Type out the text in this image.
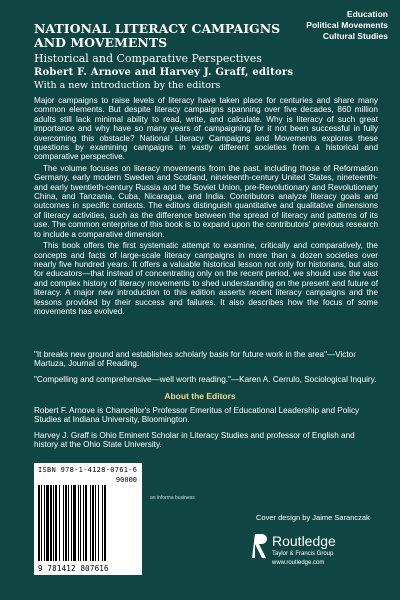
Education
Political Movements
Cultural Studies
NATIONAL LITERACY CAMPAIGNS AND MOVEMENTS
Historical and Comparative Perspectives
Robert F. Arnove and Harvey J. Graff, editors
With a new introduction by the editors

Major campaigns to raise levels of literacy have taken place for centuries and share many common elements. But despite literacy campaigns spanning over five decades, 860 million adults still lack minimal ability to read, write, and calculate. Why is literacy of such great importance and why have so many years of campaigning for it not been successful in fully overcoming this obstacle? National Literacy Campaigns and Movements explores these questions by examining campaigns in vastly different societies from a historical and comparative perspective.

The volume focuses on literacy movements from the past, including those of Reformation Germany, early modern Sweden and Scotland, nineteenth-century United States, nineteenth- and early twentieth-century Russia and the Soviet Union, pre-Revolutionary and Revolutionary China, and Tanzania, Cuba, Nicaragua, and India. Contributors analyze literacy goals and outcomes in specific contexts. The editors distinguish quantitative and qualitative dimensions of literacy activities, such as the difference between the spread of literacy and patterns of its use. The common enterprise of this book is to expand upon the contributors' previous research to include a comparative dimension.

This book offers the first systematic attempt to examine, critically and comparatively, the concepts and facts of large-scale literacy campaigns in more than a dozen societies over nearly five hundred years. It offers a valuable historical lesson not only for historians, but also for educators—that instead of concentrating only on the recent period, we should use the vast and complex history of literacy movements to shed understanding on the present and future of literacy. A major new introduction to this edition asserts recent literacy campaigns and the lessons provided by their success and failures. It also describes how the focus of some movements has evolved.

"It breaks new ground and establishes scholarly basis for future work in the area"—Victor Martuza, Journal of Reading.

"Compelling and comprehensive—well worth reading."—Karen A. Cerrulo, Sociological Inquiry.

About the Editors
Robert F. Arnove is Chancellor's Professor Emeritus of Educational Leadership and Policy Studies at Indiana University, Bloomington.
Harvey J. Graff is Ohio Eminent Scholar in Literacy Studies and professor of English and history at the Ohio State University.
ISBN 978-1-4128-0761-6
90000
9 781412 807616
an informa business
Cover design by Jaime Saranczak
Routledge
Taylor & Francis Group
www.routledge.com
